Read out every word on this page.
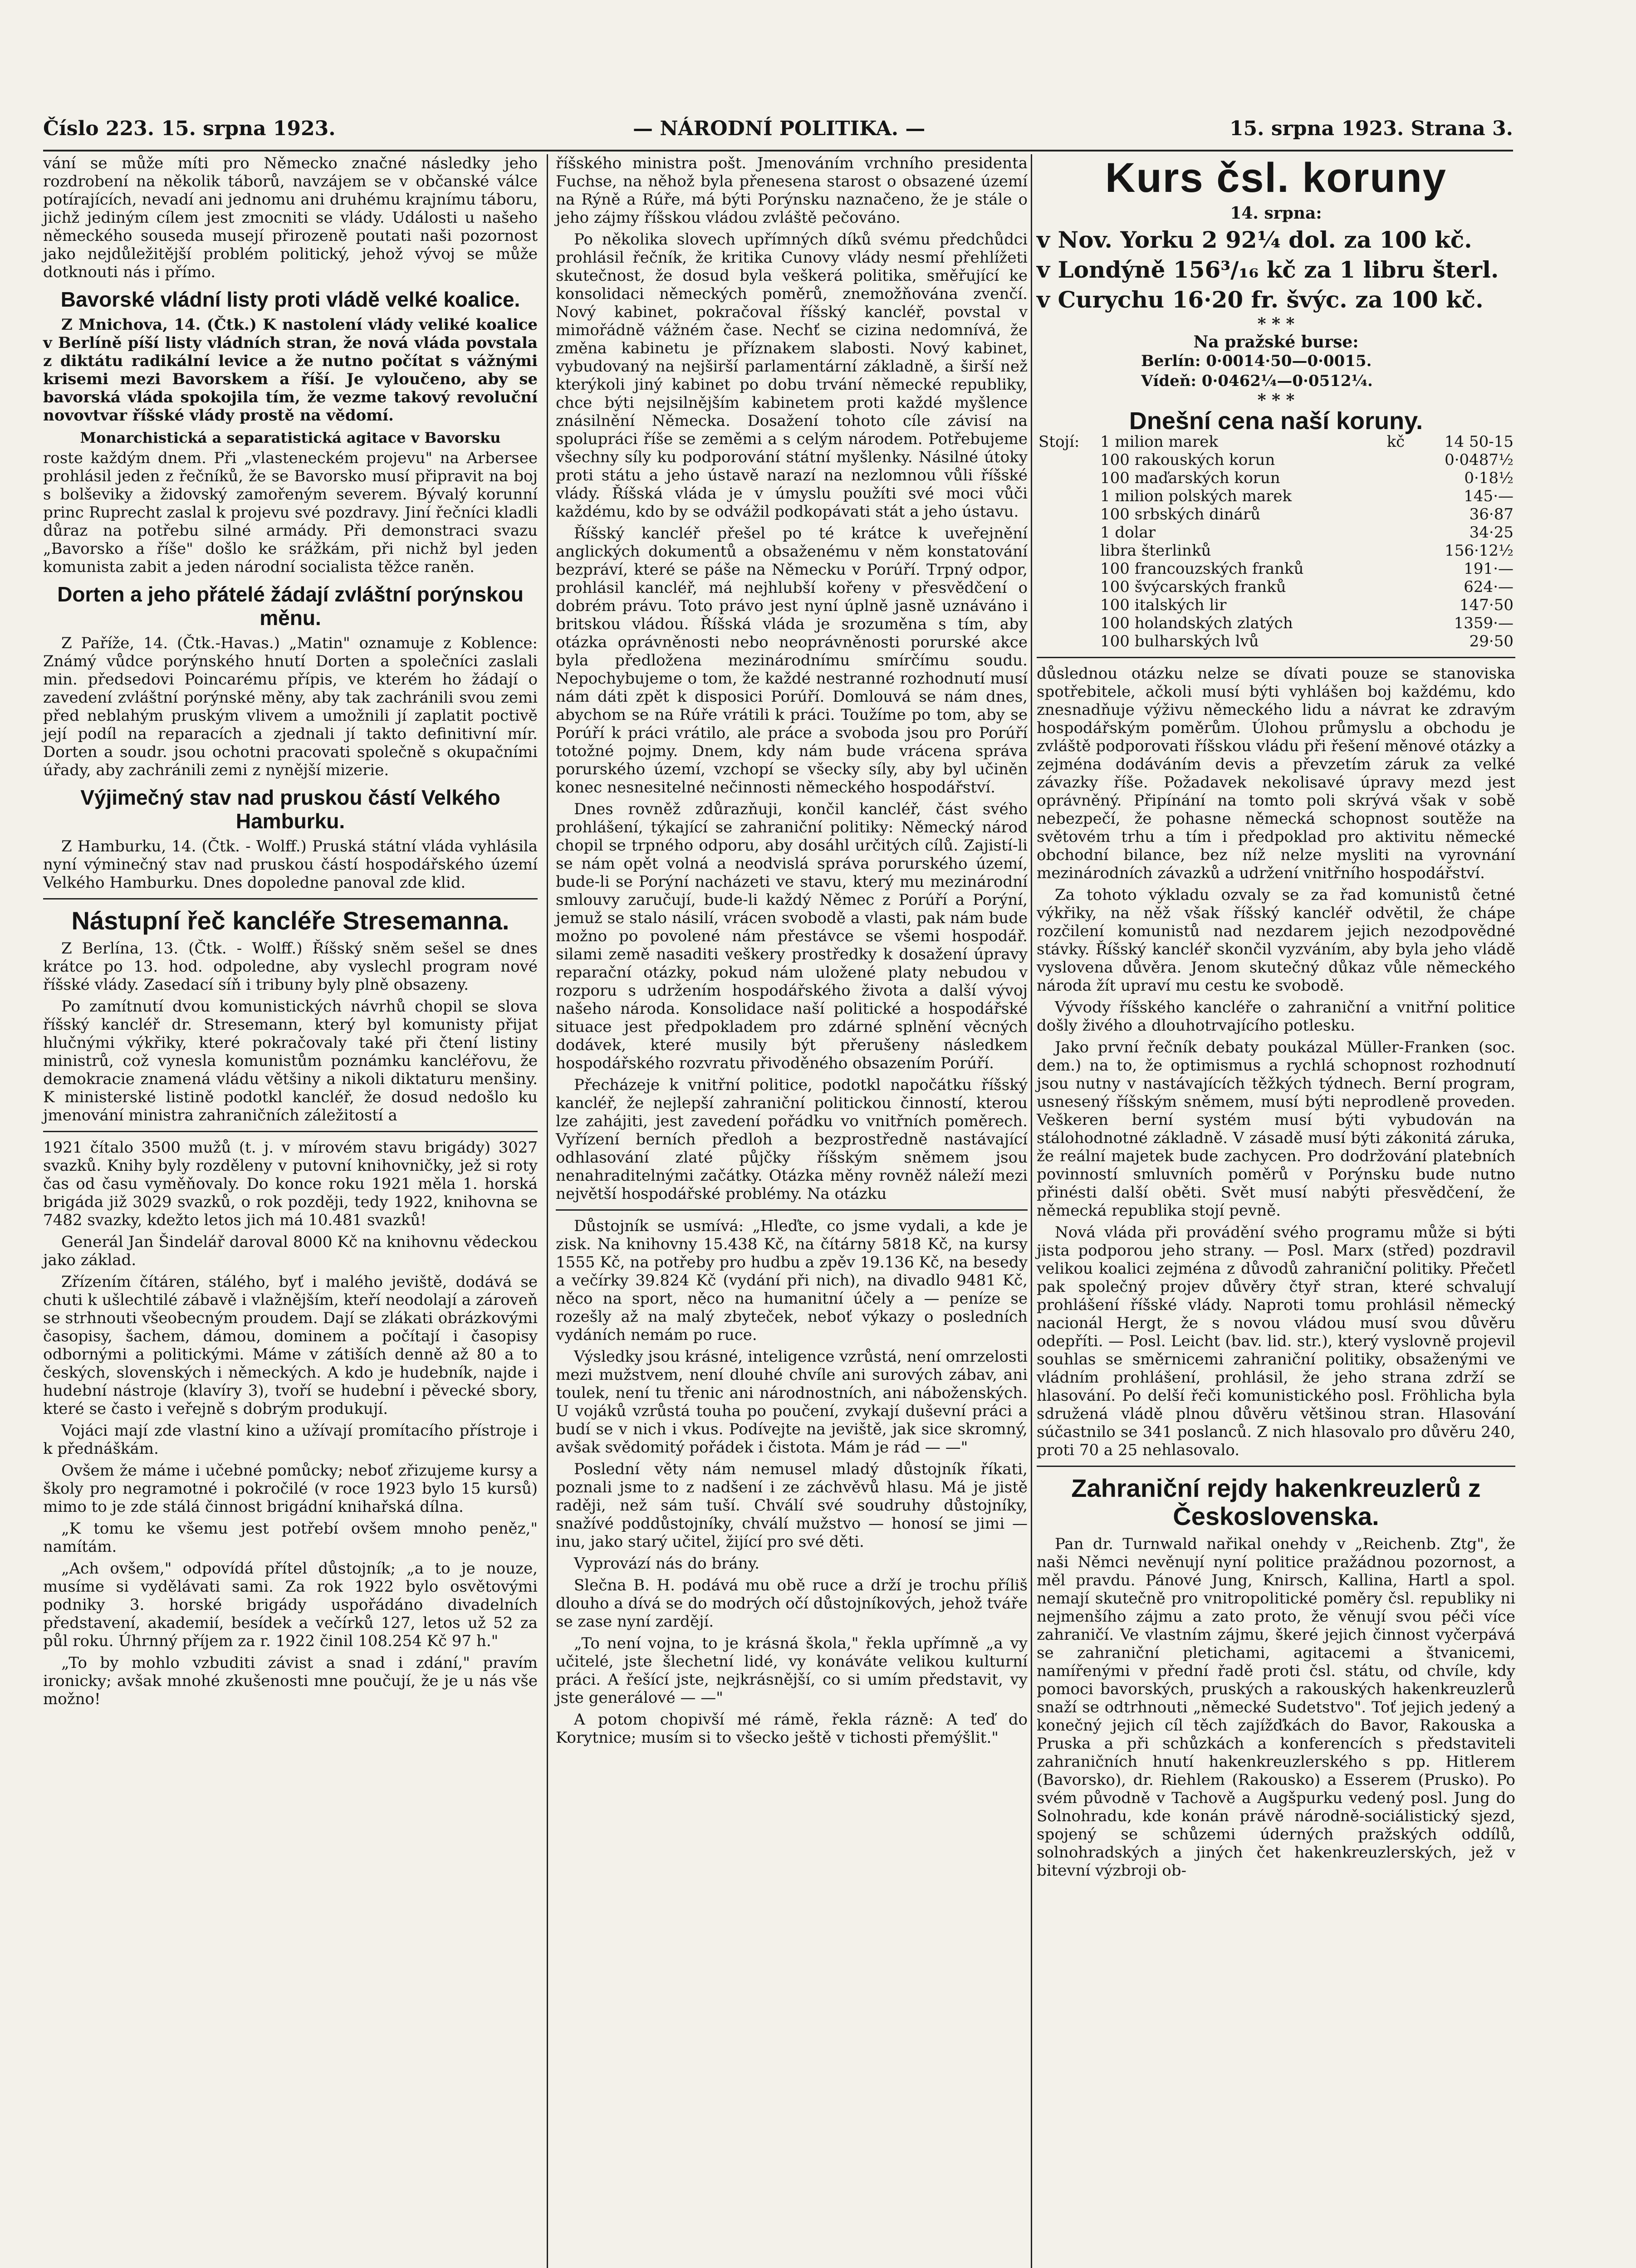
Číslo 223. 15. srpna 1923.	— NÁRODNÍ POLITIKA. —	15. srpna 1923. Strana 3.

vání se může míti pro Německo značné následky jeho rozdrobení na několik táborů, navzájem se v občanské válce potírajících, nevadí ani jednomu ani druhému krajnímu táboru, jichž jediným cílem jest zmocniti se vlády. Události u našeho německého souseda musejí přirozeně poutati naši pozornost jako nejdůležitější problém politický, jehož vývoj se může dotknouti nás i přímo.

Bavorské vládní listy proti vládě velké koalice.

Z Mnichova, 14. (Čtk.) K nastolení vlády veliké koalice v Berlíně píší listy vládních stran, že nová vláda povstala z diktátu radikální levice a že nutno počítat s vážnými krisemi mezi Bavorskem a říší. Je vyloučeno, aby se bavorská vláda spokojila tím, že vezme takový revoluční novovtvar říšské vlády prostě na vědomí.

Monarchistická a separatistická agitace v Bavorsku

roste každým dnem. Při „vlasteneckém projevu" na Arbersee prohlásil jeden z řečníků, že se Bavorsko musí připravit na boj s bolševiky a židovský zamořeným severem. Bývalý korunní princ Ruprecht zaslal k projevu své pozdravy. Jiní řečníci kladli důraz na potřebu silné armády. Při demonstraci svazu „Bavorsko a říše" došlo ke srážkám, při nichž byl jeden komunista zabit a jeden národní socialista těžce raněn.

Dorten a jeho přátelé žádají zvláštní porýnskou měnu.

Z Paříže, 14. (Čtk.-Havas.) „Matin" oznamuje z Koblence: Známý vůdce porýnského hnutí Dorten a společníci zaslali min. předsedovi Poincarému přípis, ve kterém ho žádají o zavedení zvláštní porýnské měny, aby tak zachránili svou zemi před neblahým pruským vlivem a umožnili jí zaplatit poctivě její podíl na reparacích a zjednali jí takto definitivní mír. Dorten a soudr. jsou ochotni pracovati společně s okupačními úřady, aby zachránili zemi z nynější mizerie.

Výjimečný stav nad pruskou částí Velkého Hamburku.

Z Hamburku, 14. (Čtk. - Wolff.) Pruská státní vláda vyhlásila nyní výminečný stav nad pruskou částí hospodářského území Velkého Hamburku. Dnes dopoledne panoval zde klid.

Nástupní řeč kancléře Stresemanna.

Z Berlína, 13. (Čtk. - Wolff.) Říšský sněm sešel se dnes krátce po 13. hod. odpoledne, aby vyslechl program nové říšské vlády. Zasedací síň i tribuny byly plně obsazeny.

Po zamítnutí dvou komunistických návrhů chopil se slova říšský kancléř dr. Stresemann, který byl komunisty přijat hlučnými výkřiky, které pokračovaly také při čtení listiny ministrů, což vynesla komunistům poznámku kancléřovu, že demokracie znamená vládu většiny a nikoli diktaturu menšiny. K ministerské listině podotkl kancléř, že dosud nedošlo ku jmenování ministra zahraničních záležitostí a

1921 čítalo 3500 mužů (t. j. v mírovém stavu brigády) 3027 svazků. Knihy byly rozděleny v putovní knihovničky, jež si roty čas od času vyměňovaly. Do konce roku 1921 měla 1. horská brigáda již 3029 svazků, o rok později, tedy 1922, knihovna se 7482 svazky, kdežto letos jich má 10.481 svazků!

Generál Jan Šindelář daroval 8000 Kč na knihovnu vědeckou jako základ.

Zřízením čítáren, stálého, byť i malého jeviště, dodává se chuti k ušlechtilé zábavě i vlažnějším, kteří neodolají a zároveň se strhnouti všeobecným proudem. Dají se zlákati obrázkovými časopisy, šachem, dámou, dominem a počítají i časopisy odbornými a politickými. Máme v zátiších denně až 80 a to českých, slovenských i německých. A kdo je hudebník, najde i hudební nástroje (klavíry 3), tvoří se hudební i pěvecké sbory, které se často i veřejně s dobrým produkují.

Vojáci mají zde vlastní kino a užívají promítacího přístroje i k přednáškám.

Ovšem že máme i učebné pomůcky; neboť zřizujeme kursy a školy pro negramotné i pokročilé (v roce 1923 bylo 15 kursů) mimo to je zde stálá činnost brigádní knihařská dílna.

„K tomu ke všemu jest potřebí ovšem mnoho peněz," namítám.

„Ach ovšem," odpovídá přítel důstojník; „a to je nouze, musíme si vydělávati sami. Za rok 1922 bylo osvětovými podniky 3. horské brigády uspořádáno divadelních představení, akademií, besídek a večírků 127, letos už 52 za půl roku. Úhrnný příjem za r. 1922 činil 108.254 Kč 97 h."

„To by mohlo vzbuditi závist a snad i zdání," pravím ironicky; avšak mnohé zkušenosti mne poučují, že je u nás vše možno!

říšského ministra pošt. Jmenováním vrchního presidenta Fuchse, na něhož byla přenesena starost o obsazené území na Rýně a Rúře, má býti Porýnsku naznačeno, že je stále o jeho zájmy říšskou vládou zvláště pečováno.

Po několika slovech upřímných díků svému předchůdci prohlásil řečník, že kritika Cunovy vlády nesmí přehlížeti skutečnost, že dosud byla veškerá politika, směřující ke konsolidaci německých poměrů, znemožňována zvenčí. Nový kabinet, pokračoval říšský kancléř, povstal v mimořádně vážném čase. Nechť se cizina nedomnívá, že změna kabinetu je příznakem slabosti. Nový kabinet, vybudovaný na nejširší parlamentární základně, a širší než kterýkoli jiný kabinet po dobu trvání německé republiky, chce býti nejsilnějším kabinetem proti každé myšlence znásilnění Německa. Dosažení tohoto cíle závisí na spolupráci říše se zeměmi a s celým národem. Potřebujeme všechny síly ku podporování státní myšlenky. Násilné útoky proti státu a jeho ústavě narazí na nezlomnou vůli říšské vlády. Říšská vláda je v úmyslu použíti své moci vůči každému, kdo by se odvážil podkopávati stát a jeho ústavu.

Říšský kancléř přešel po té krátce k uveřejnění anglických dokumentů a obsaženému v něm konstatování bezpráví, které se páše na Německu v Porúří. Trpný odpor, prohlásil kancléř, má nejhlubší kořeny v přesvědčení o dobrém právu. Toto právo jest nyní úplně jasně uznáváno i britskou vládou. Říšská vláda je srozuměna s tím, aby otázka oprávněnosti nebo neoprávněnosti porurské akce byla předložena mezinárodnímu smírčímu soudu. Nepochybujeme o tom, že každé nestranné rozhodnutí musí nám dáti zpět k disposici Porúří. Domlouvá se nám dnes, abychom se na Rúře vrátili k práci. Toužíme po tom, aby se Porúří k práci vrátilo, ale práce a svoboda jsou pro Porúří totožné pojmy. Dnem, kdy nám bude vrácena správa porurského území, vzchopí se všecky síly, aby byl učiněn konec nesnesitelné nečinnosti německého hospodářství.

Dnes rovněž zdůrazňuji, končil kancléř, část svého prohlášení, týkající se zahraniční politiky: Německý národ chopil se trpného odporu, aby dosáhl určitých cílů. Zajistí-li se nám opět volná a neodvislá správa porurského území, bude-li se Porýní nacházeti ve stavu, který mu mezinárodní smlouvy zaručují, bude-li každý Němec z Porúří a Porýní, jemuž se stalo násilí, vrácen svobodě a vlasti, pak nám bude možno po povolené nám přestávce se všemi hospodář. silami země nasaditi veškery prostředky k dosažení úpravy reparační otázky, pokud nám uložené platy nebudou v rozporu s udržením hospodářského života a další vývoj našeho národa. Konsolidace naší politické a hospodářské situace jest předpokladem pro zdárné splnění věcných dodávek, které musily být přerušeny následkem hospodářského rozvratu přivoděného obsazením Porúří.

Přecházeje k vnitřní politice, podotkl napočátku říšský kancléř, že nejlepší zahraniční politickou činností, kterou lze zahájiti, jest zavedení pořádku vo vnitřních poměrech. Vyřízení berních předloh a bezprostředně nastávající odhlasování zlaté půjčky říšským sněmem jsou nenahraditelnými začátky. Otázka měny rovněž náleží mezi největší hospodářské problémy. Na otázku

Důstojník se usmívá: „Hleďte, co jsme vydali, a kde je zisk. Na knihovny 15.438 Kč, na čítárny 5818 Kč, na kursy 1555 Kč, na potřeby pro hudbu a zpěv 19.136 Kč, na besedy a večírky 39.824 Kč (vydání při nich), na divadlo 9481 Kč, něco na sport, něco na humanitní účely a — peníze se rozešly až na malý zbyteček, neboť výkazy o posledních vydáních nemám po ruce.

Výsledky jsou krásné, inteligence vzrůstá, není omrzelosti mezi mužstvem, není dlouhé chvíle ani surových zábav, ani toulek, není tu třenic ani národnostních, ani náboženských. U vojáků vzrůstá touha po poučení, zvykají duševní práci a budí se v nich i vkus. Podívejte na jeviště, jak sice skromný, avšak svědomitý pořádek i čistota. Mám je rád — —"

Poslední věty nám nemusel mladý důstojník říkati, poznali jsme to z nadšení i ze záchvěvů hlasu. Má je jistě raději, než sám tuší. Chválí své soudruhy důstojníky, snažívé poddůstojníky, chválí mužstvo — honosí se jimi — inu, jako starý učitel, žijící pro své děti.

Vyprovází nás do brány.

Slečna B. H. podává mu obě ruce a drží je trochu příliš dlouho a dívá se do modrých očí důstojníkových, jehož tváře se zase nyní zardějí.

„To není vojna, to je krásná škola," řekla upřímně „a vy učitelé, jste šlechetní lidé, vy konáváte velikou kulturní práci. A řešící jste, nejkrásnější, co si umím představit, vy jste generálové — —"

A potom chopivší mé rámě, řekla rázně: A teď do Korytnice; musím si to všecko ještě v tichosti přemýšlit."

Kurs čsl. koruny
14. srpna:
v Nov. Yorku 2 92¼ dol. za 100 kč.
v Londýně 156³/₁₆ kč za 1 libru šterl.
v Curychu 16·20 fr. švýc. za 100 kč.
* * *
Na pražské burse:
Berlín: 0·0014·50—0·0015.
Vídeň: 0·0462¼—0·0512¼.
* * *
Dnešní cena naší koruny.
Stojí:	1 milion marek	kč	14 50-15
	100 rakouských korun		0·0487½
	100 maďarských korun		0·18½
	1 milion polských marek		145·—
	100 srbských dinárů		36·87
	1 dolar		34·25
	libra šterlinků		156·12½
	100 francouzských franků		191·—
	100 švýcarských franků		624·—
	100 italských lir		147·50
	100 holandských zlatých		1359·—
	100 bulharských lvů		29·50

důslednou otázku nelze se dívati pouze se stanoviska spotřebitele, ačkoli musí býti vyhlášen boj každému, kdo znesnadňuje výživu německého lidu a návrat ke zdravým hospodářským poměrům. Úlohou průmyslu a obchodu je zvláště podporovati říšskou vládu při řešení měnové otázky a zejména dodáváním devis a převzetím záruk za velké závazky říše. Požadavek nekolisavé úpravy mezd jest oprávněný. Připínání na tomto poli skrývá však v sobě nebezpečí, že pohasne německá schopnost soutěže na světovém trhu a tím i předpoklad pro aktivitu německé obchodní bilance, bez níž nelze mysliti na vyrovnání mezinárodních závazků a udržení vnitřního hospodářství.

Za tohoto výkladu ozvaly se za řad komunistů četné výkřiky, na něž však říšský kancléř odvětil, že chápe rozčilení komunistů nad nezdarem jejich nezodpovědné stávky. Říšský kancléř skončil vyzváním, aby byla jeho vládě vyslovena důvěra. Jenom skutečný důkaz vůle německého národa žít upraví mu cestu ke svobodě.

Vývody říšského kancléře o zahraniční a vnitřní politice došly živého a dlouhotrvajícího potlesku.

Jako první řečník debaty poukázal Müller-Franken (soc. dem.) na to, že optimismus a rychlá schopnost rozhodnutí jsou nutny v nastávajících těžkých týdnech. Berní program, usnesený říšským sněmem, musí býti neprodleně proveden. Veškeren berní systém musí býti vybudován na stálohodnotné základně. V zásadě musí býti zákonitá záruka, že reální majetek bude zachycen. Pro dodržování platebních povinností smluvních poměrů v Porýnsku bude nutno přinésti další oběti. Svět musí nabýti přesvědčení, že německá republika stojí pevně.

Nová vláda při provádění svého programu může si býti jista podporou jeho strany. — Posl. Marx (střed) pozdravil velikou koalici zejména z důvodů zahraniční politiky. Přečetl pak společný projev důvěry čtyř stran, které schvalují prohlášení říšské vlády. Naproti tomu prohlásil německý nacionál Hergt, že s novou vládou musí svou důvěru odepříti. — Posl. Leicht (bav. lid. str.), který vyslovně projevil souhlas se směrnicemi zahraniční politiky, obsaženými ve vládním prohlášení, prohlásil, že jeho strana zdrží se hlasování. Po delší řeči komunistického posl. Fröhlicha byla sdružená vládě plnou důvěru většinou stran. Hlasování súčastnilo se 341 poslanců. Z nich hlasovalo pro důvěru 240, proti 70 a 25 nehlasovalo.

Zahraniční rejdy hakenkreuzlerů z Československa.

Pan dr. Turnwald nařikal onehdy v „Reichenb. Ztg", že naši Němci nevěnují nyní politice pražádnou pozornost, a měl pravdu. Pánové Jung, Knirsch, Kallina, Hartl a spol. nemají skutečně pro vnitropolitické poměry čsl. republiky ni nejmenšího zájmu a zato proto, že věnují svou péči více zahraničí. Ve vlastním zájmu, škeré jejich činnost vyčerpává se zahraniční pletichami, agitacemi a štvanicemi, namířenými v přední řadě proti čsl. státu, od chvíle, kdy pomoci bavorských, pruských a rakouských hakenkreuzlerů snaží se odtrhnouti „německé Sudetstvo". Toť jejich jedený a konečný jejich cíl těch zajížďkách do Bavor, Rakouska a Pruska a při schůzkách a konferencích s představiteli zahraničních hnutí hakenkreuzlerského s pp. Hitlerem (Bavorsko), dr. Riehlem (Rakousko) a Esserem (Prusko). Po svém původně v Tachově a Augšpurku vedený posl. Jung do Solnohradu, kde konán právě národně-sociálistický sjezd, spojený se schůzemi úderných pražských oddílů, solnohradských a jiných čet hakenkreuzlerských, jež v bitevní výzbroji ob-
